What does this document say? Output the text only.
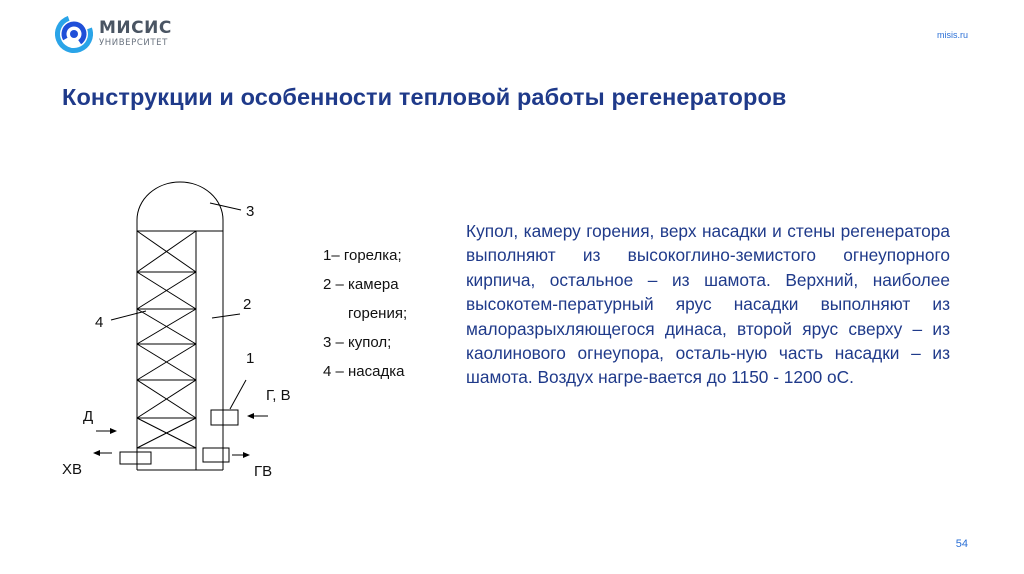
МИСИС
УНИВЕРСИТЕТ
misis.ru
Конструкции и особенности тепловой работы регенераторов
3
2
1
4
Г, В
Д
ХВ	ГВ
1– горелка;
2 – камера
горения;
3 – купол;
4 – насадка
Купол, камеру горения, верх насадки и стены регенератора выполняют из высокоглино-земистого огнеупорного кирпича, остальное – из шамота. Верхний, наиболее высокотем-пературный ярус насадки выполняют из малоразрыхляющегося динаса, второй ярус сверху – из каолинового огнеупора, осталь-ную часть насадки – из шамота. Воздух нагре-вается до 1150 - 1200 оС.
54
